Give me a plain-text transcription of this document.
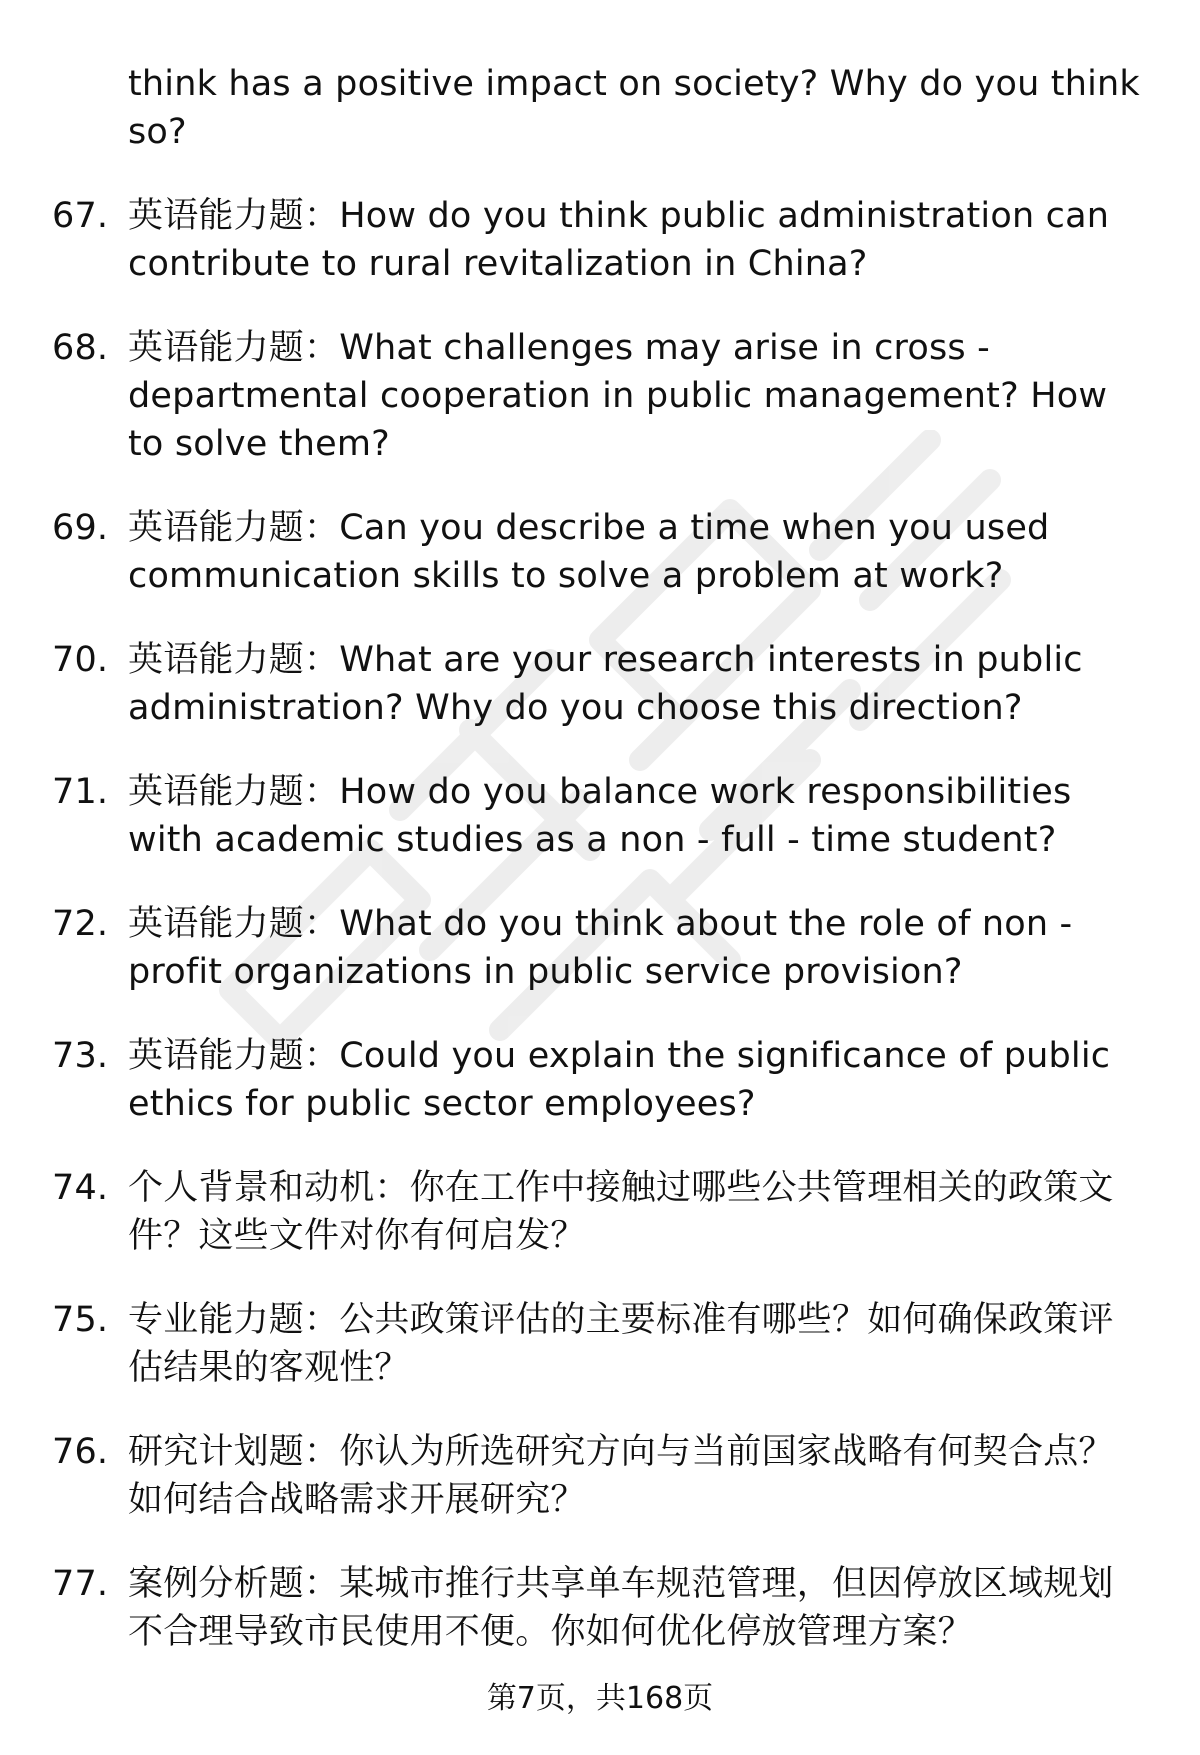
think has a positive impact on society? Why do you think so?
67. 英语能力题：How do you think public administration can contribute to rural revitalization in China?
68. 英语能力题：What challenges may arise in cross - departmental cooperation in public management? How to solve them?
69. 英语能力题：Can you describe a time when you used communication skills to solve a problem at work?
70. 英语能力题：What are your research interests in public administration? Why do you choose this direction?
71. 英语能力题：How do you balance work responsibilities with academic studies as a non - full - time student?
72. 英语能力题：What do you think about the role of non - profit organizations in public service provision?
73. 英语能力题：Could you explain the significance of public ethics for public sector employees?
74. 个人背景和动机：你在工作中接触过哪些公共管理相关的政策文件？这些文件对你有何启发？
75. 专业能力题：公共政策评估的主要标准有哪些？如何确保政策评估结果的客观性？
76. 研究计划题：你认为所选研究方向与当前国家战略有何契合点？如何结合战略需求开展研究？
77. 案例分析题：某城市推行共享单车规范管理，但因停放区域规划不合理导致市民使用不便。你如何优化停放管理方案？
第7页，共168页
